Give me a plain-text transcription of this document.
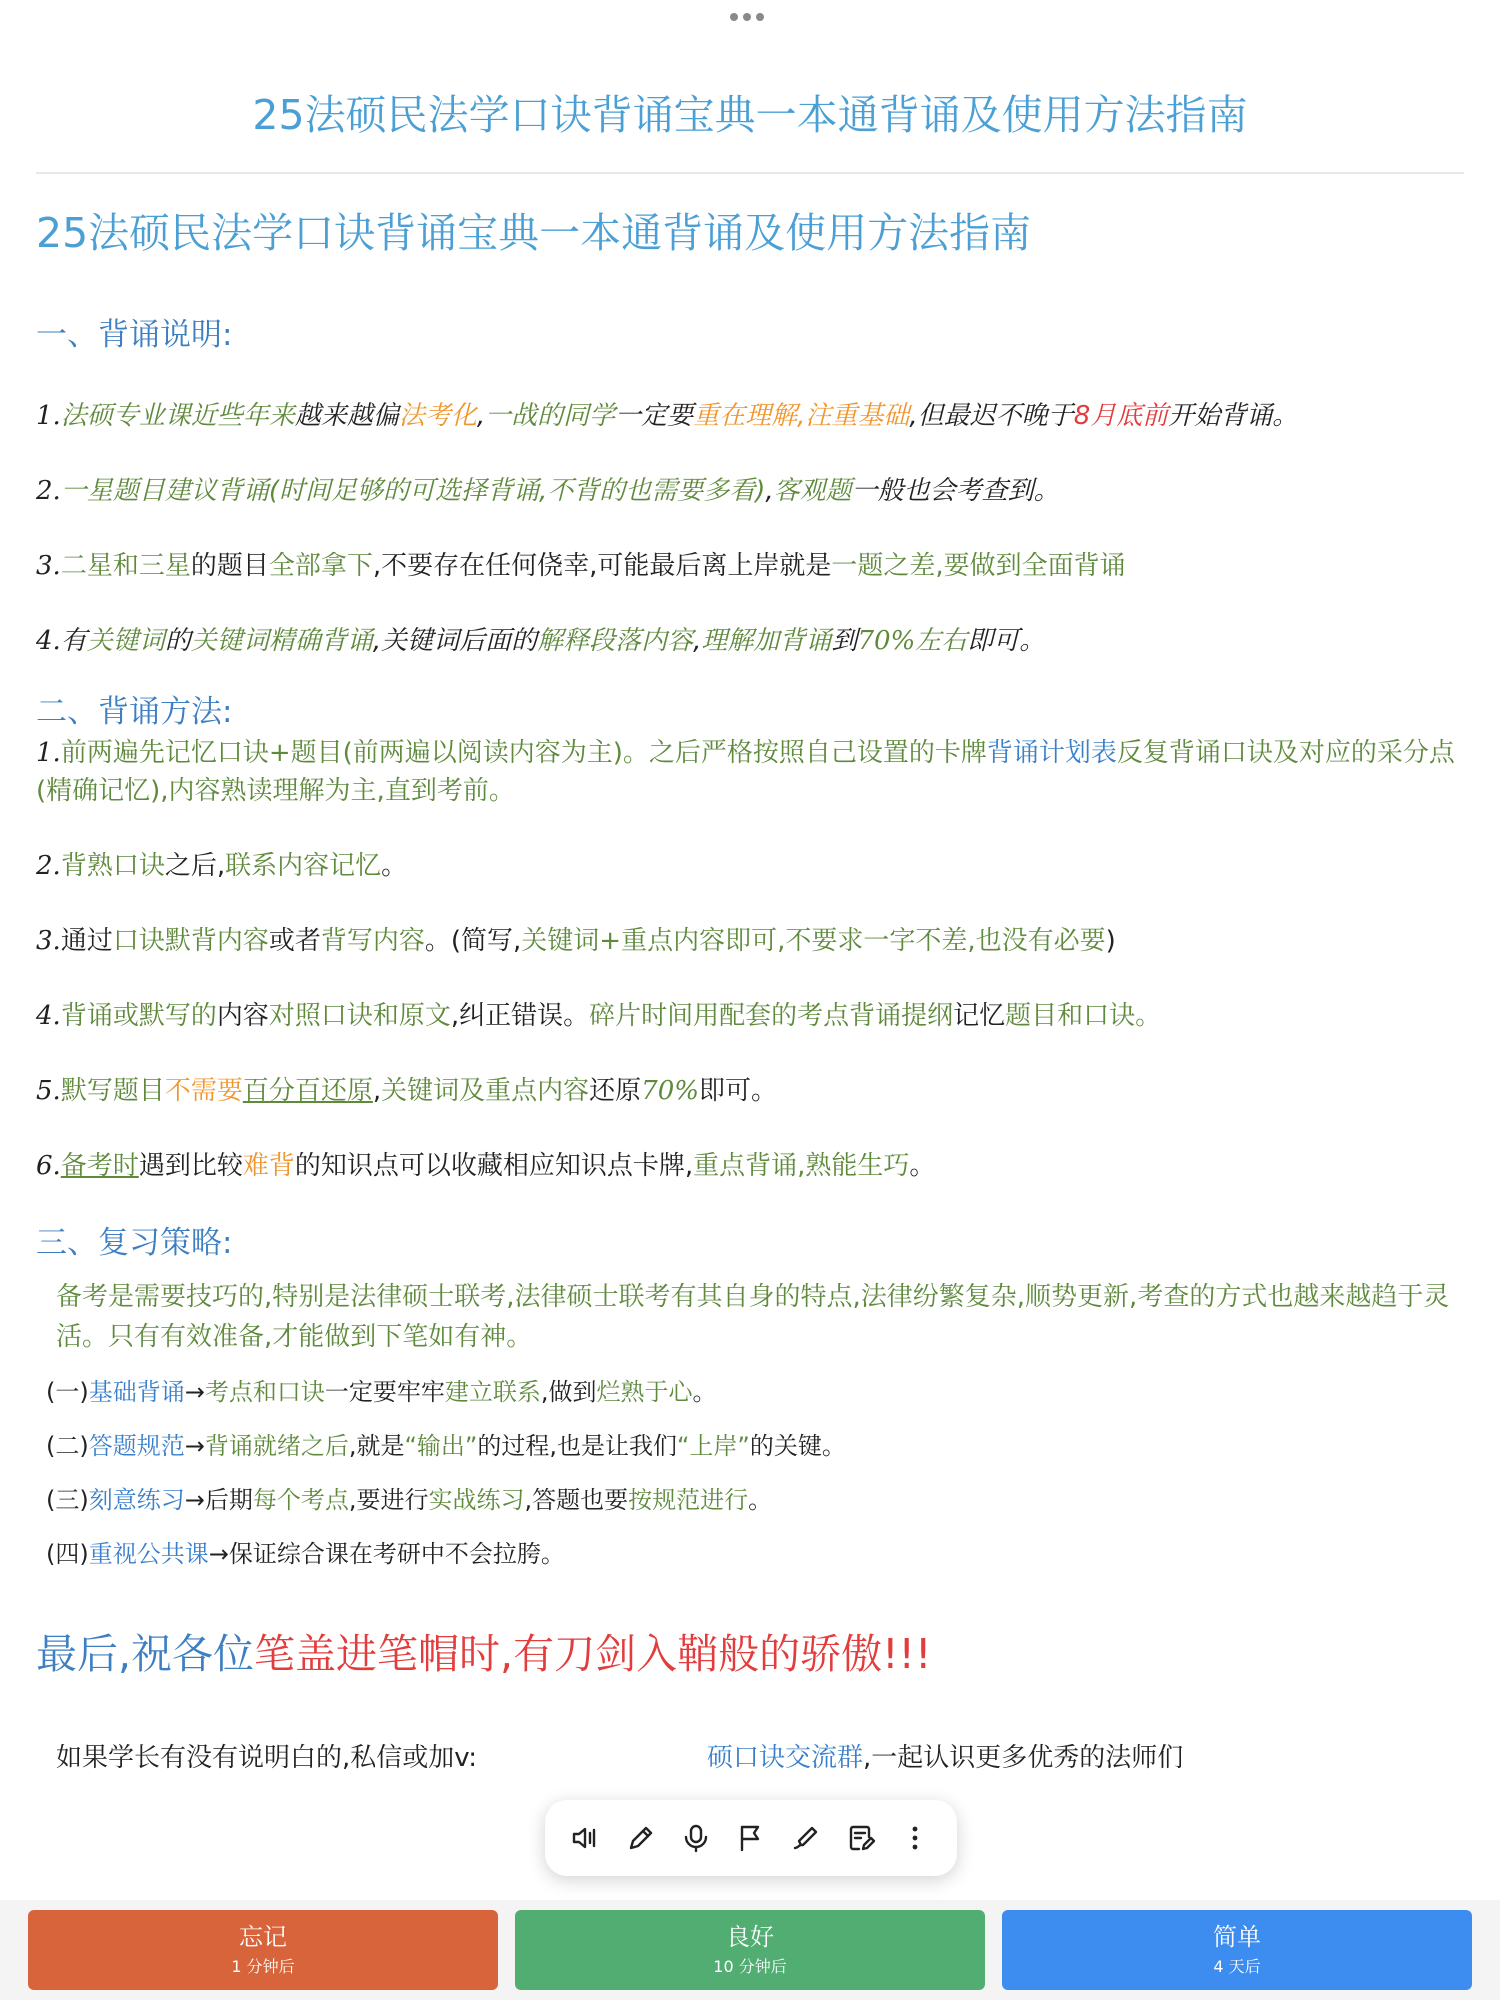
25法硕民法学口诀背诵宝典一本通背诵及使用方法指南
25法硕民法学口诀背诵宝典一本通背诵及使用方法指南
一、背诵说明:
1.法硕专业课近些年来越来越偏法考化,一战的同学一定要重在理解,注重基础,但最迟不晚于8月底前开始背诵。
2.一星题目建议背诵(时间足够的可选择背诵,不背的也需要多看),客观题一般也会考查到。
3.二星和三星的题目全部拿下,不要存在任何侥幸,可能最后离上岸就是一题之差,要做到全面背诵
4.有关键词的关键词精确背诵,关键词后面的解释段落内容,理解加背诵到70%左右即可。
二、背诵方法:
1.前两遍先记忆口诀+题目(前两遍以阅读内容为主)。之后严格按照自己设置的卡牌背诵计划表反复背诵口诀及对应的采分点(精确记忆),内容熟读理解为主,直到考前。
2.背熟口诀之后,联系内容记忆。
3.通过口诀默背内容或者背写内容。(简写,关键词+重点内容即可,不要求一字不差,也没有必要)
4.背诵或默写的内容对照口诀和原文,纠正错误。碎片时间用配套的考点背诵提纲记忆题目和口诀。
5.默写题目不需要百分百还原,关键词及重点内容还原70%即可。
6.备考时遇到比较难背的知识点可以收藏相应知识点卡牌,重点背诵,熟能生巧。
三、复习策略:
备考是需要技巧的,特别是法律硕士联考,法律硕士联考有其自身的特点,法律纷繁复杂,顺势更新,考查的方式也越来越趋于灵活。只有有效准备,才能做到下笔如有神。
(一)基础背诵→考点和口诀一定要牢牢建立联系,做到烂熟于心。
(二)答题规范→背诵就绪之后,就是“输出”的过程,也是让我们“上岸”的关键。
(三)刻意练习→后期每个考点,要进行实战练习,答题也要按规范进行。
(四)重视公共课→保证综合课在考研中不会拉胯。
最后,祝各位笔盖进笔帽时,有刀剑入鞘般的骄傲!!!
如果学长有没有说明白的,私信或加v:	硕口诀交流群,一起认识更多优秀的法师们
忘记
1 分钟后
良好
10 分钟后
简单
4 天后
